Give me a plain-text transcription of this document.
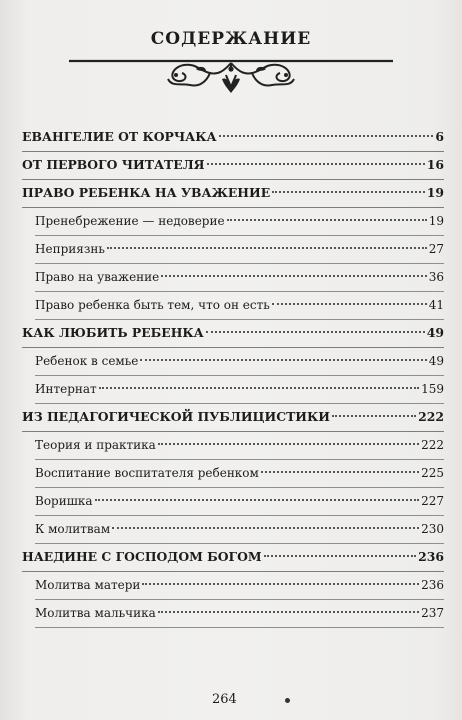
СОДЕРЖАНИЕ
ЕВАНГЕЛИЕ ОТ КОРЧАКА	6
ОТ ПЕРВОГО ЧИТАТЕЛЯ	16
ПРАВО РЕБЕНКА НА УВАЖЕНИЕ	19
Пренебрежение — недоверие	19
Неприязнь	27
Право на уважение	36
Право ребенка быть тем, что он есть	41
КАК ЛЮБИТЬ РЕБЕНКА	49
Ребенок в семье	49
Интернат	159
ИЗ ПЕДАГОГИЧЕСКОЙ ПУБЛИЦИСТИКИ	222
Теория и практика	222
Воспитание воспитателя ребенком	225
Воришка	227
К молитвам	230
НАЕДИНЕ С ГОСПОДОМ БОГОМ	236
Молитва матери	236
Молитва мальчика	237
264
